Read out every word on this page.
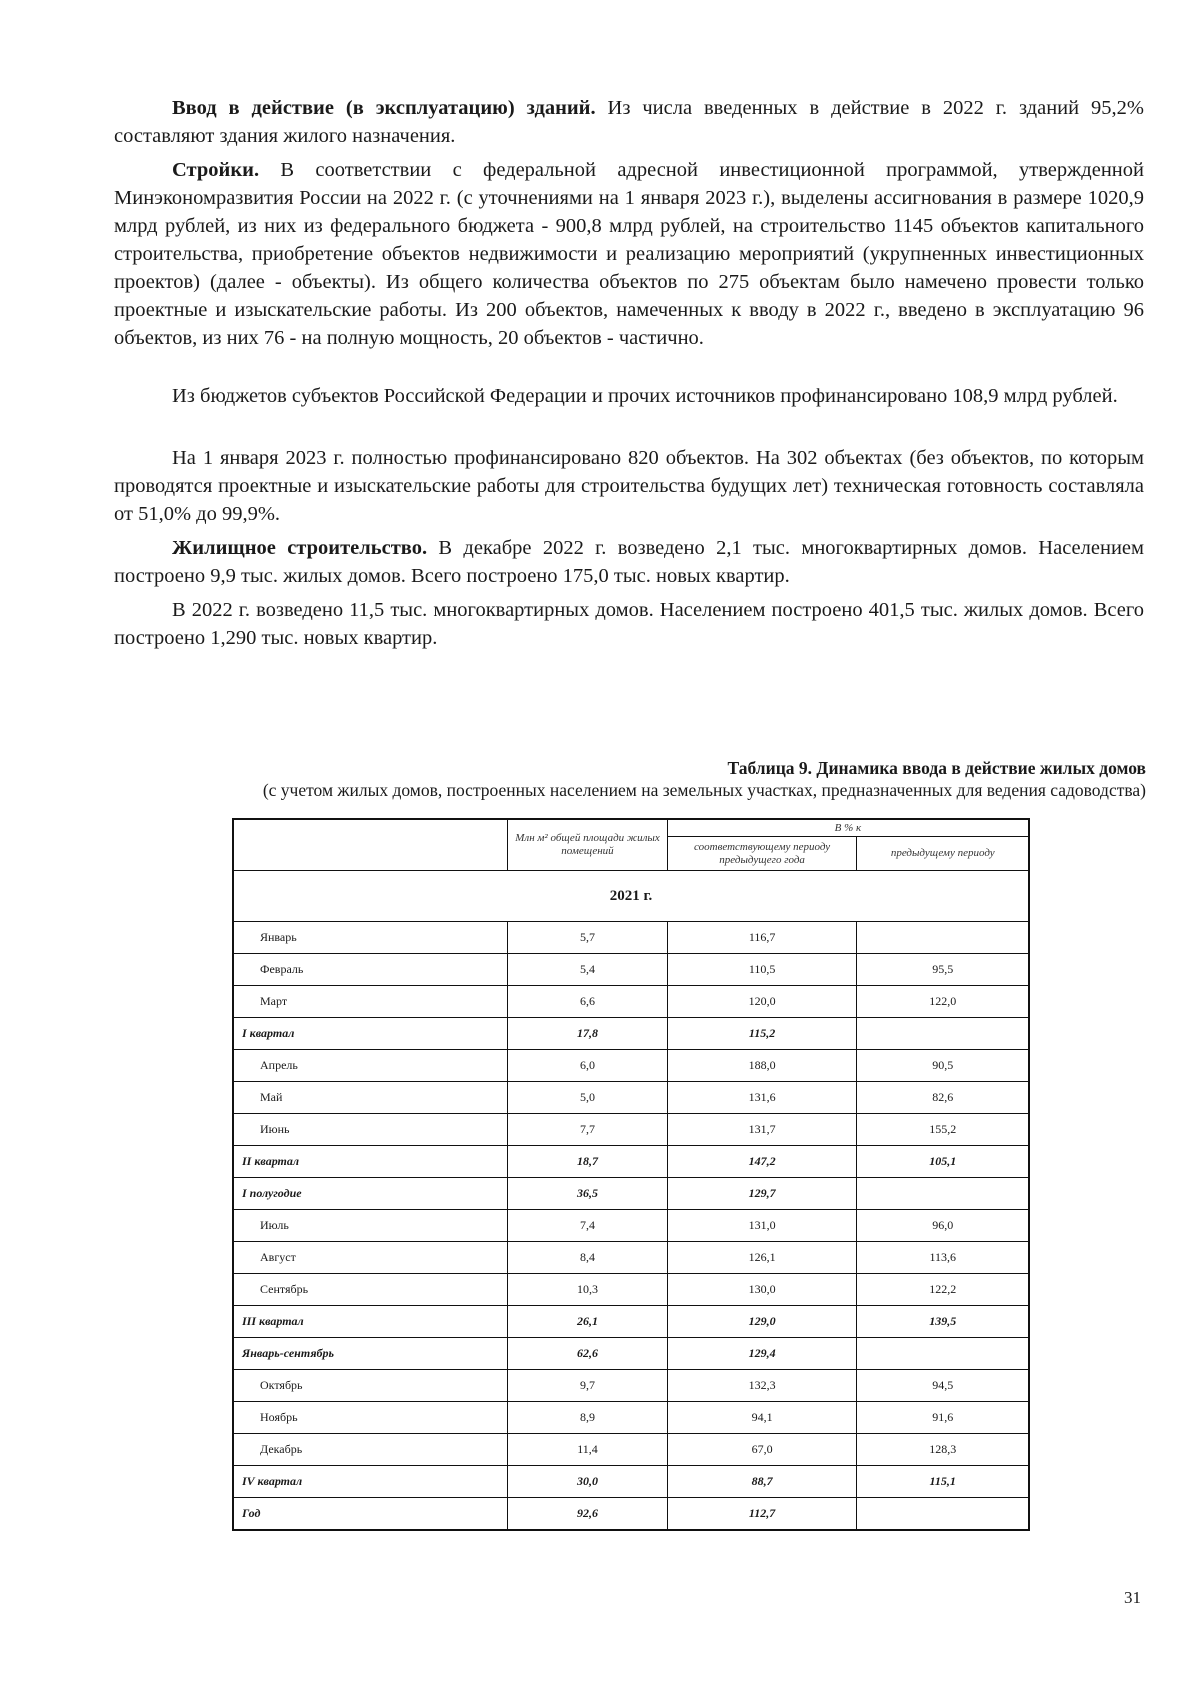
Ввод в действие (в эксплуатацию) зданий. Из числа введенных в действие в 2022 г. зданий 95,2% составляют здания жилого назначения.

Стройки. В соответствии с федеральной адресной инвестиционной программой, утвержденной Минэкономразвития России на 2022 г. (с уточнениями на 1 января 2023 г.), выделены ассигнования в размере 1020,9 млрд рублей, из них из федерального бюджета - 900,8 млрд рублей, на строительство 1145 объектов капитального строительства, приобретение объектов недвижимости и реализацию мероприятий (укрупненных инвестиционных проектов) (далее - объекты). Из общего количества объектов по 275 объектам было намечено провести только проектные и изыскательские работы. Из 200 объектов, намеченных к вводу в 2022 г., введено в эксплуатацию 96 объектов, из них 76 - на полную мощность, 20 объектов - частично.

Из бюджетов субъектов Российской Федерации и прочих источников профинансировано 108,9 млрд рублей.

На 1 января 2023 г. полностью профинансировано 820 объектов. На 302 объектах (без объектов, по которым проводятся проектные и изыскательские работы для строительства будущих лет) техническая готовность составляла от 51,0% до 99,9%.

Жилищное строительство. В декабре 2022 г. возведено 2,1 тыс. многоквартирных домов. Населением построено 9,9 тыс. жилых домов. Всего построено 175,0 тыс. новых квартир.

В 2022 г. возведено 11,5 тыс. многоквартирных домов. Населением построено 401,5 тыс. жилых домов. Всего построено 1,290 тыс. новых квартир.

Таблица 9. Динамика ввода в действие жилых домов
(с учетом жилых домов, построенных населением на земельных участках, предназначенных для ведения садоводства)
	Млн м² общей площади жилых помещений	В % к	
		соответствующему периоду предыдущего года	предыдущему периоду
2021 г.			
Январь	5,7	116,7	
Февраль	5,4	110,5	95,5
Март	6,6	120,0	122,0
I квартал	17,8	115,2	
Апрель	6,0	188,0	90,5
Май	5,0	131,6	82,6
Июнь	7,7	131,7	155,2
II квартал	18,7	147,2	105,1
I полугодие	36,5	129,7	
Июль	7,4	131,0	96,0
Август	8,4	126,1	113,6
Сентябрь	10,3	130,0	122,2
III квартал	26,1	129,0	139,5
Январь-сентябрь	62,6	129,4	
Октябрь	9,7	132,3	94,5
Ноябрь	8,9	94,1	91,6
Декабрь	11,4	67,0	128,3
IV квартал	30,0	88,7	115,1
Год	92,6	112,7	
31
